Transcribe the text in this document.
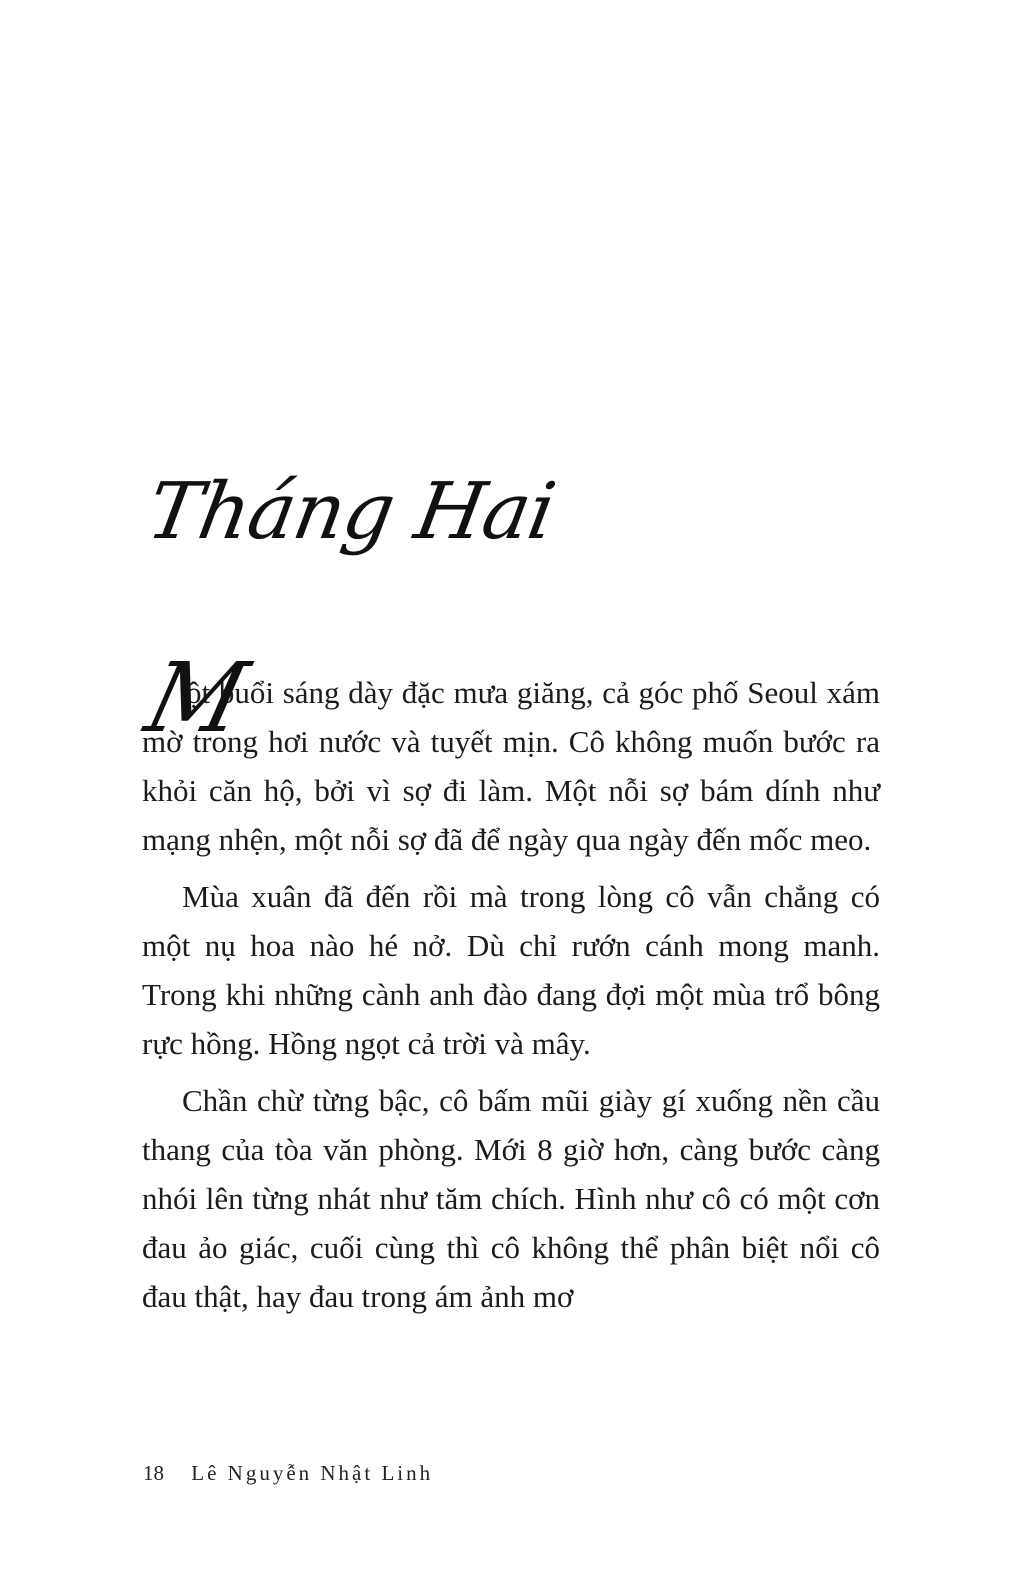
Tháng Hai

M
ột buổi sáng dày đặc mưa giăng, cả góc phố Seoul xám mờ trong hơi nước và tuyết mịn. Cô không muốn bước ra khỏi căn hộ, bởi vì sợ đi làm. Một nỗi sợ bám dính như mạng nhện, một nỗi sợ đã để ngày qua ngày đến mốc meo.

Mùa xuân đã đến rồi mà trong lòng cô vẫn chẳng có một nụ hoa nào hé nở. Dù chỉ rướn cánh mong manh. Trong khi những cành anh đào đang đợi một mùa trổ bông rực hồng. Hồng ngọt cả trời và mây.

Chần chừ từng bậc, cô bấm mũi giày gí xuống nền cầu thang của tòa văn phòng. Mới 8 giờ hơn, càng bước càng nhói lên từng nhát như tăm chích. Hình như cô có một cơn đau ảo giác, cuối cùng thì cô không thể phân biệt nổi cô đau thật, hay đau trong ám ảnh mơ

18 Lê Nguyễn Nhật Linh
